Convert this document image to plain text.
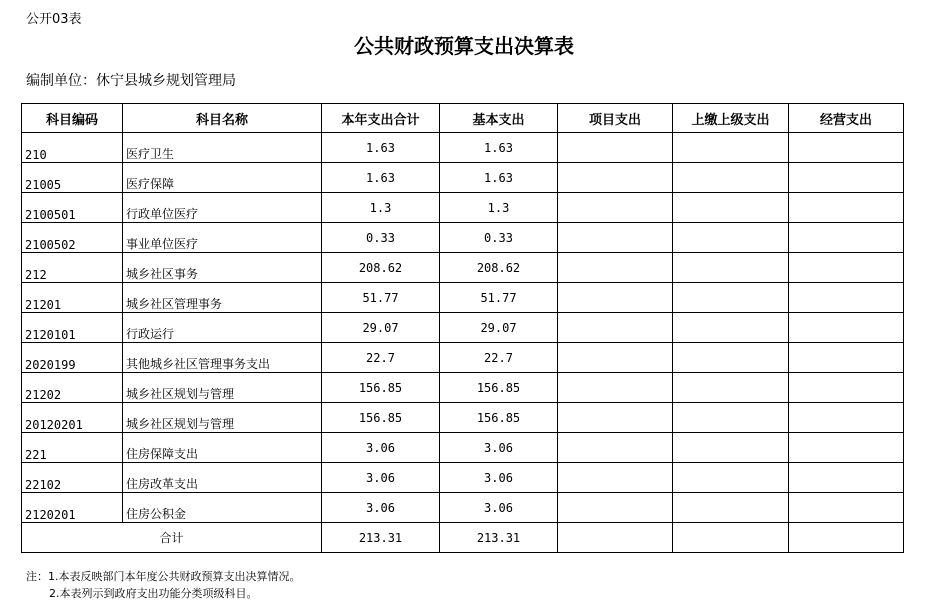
公开03表
公共财政预算支出决算表
编制单位：休宁县城乡规划管理局
科目编码	科目名称	本年支出合计	基本支出	项目支出	上缴上级支出	经营支出
210	医疗卫生	1.63	1.63			
21005	医疗保障	1.63	1.63			
2100501	行政单位医疗	1.3	1.3			
2100502	事业单位医疗	0.33	0.33			
212	城乡社区事务	208.62	208.62			
21201	城乡社区管理事务	51.77	51.77			
2120101	行政运行	29.07	29.07			
2020199	其他城乡社区管理事务支出	22.7	22.7			
21202	城乡社区规划与管理	156.85	156.85			
20120201	城乡社区规划与管理	156.85	156.85			
221	住房保障支出	3.06	3.06			
22102	住房改革支出	3.06	3.06			
2120201	住房公积金	3.06	3.06			
合计		213.31	213.31			
注：1.本表反映部门本年度公共财政预算支出决算情况。
2.本表列示到政府支出功能分类项级科目。
